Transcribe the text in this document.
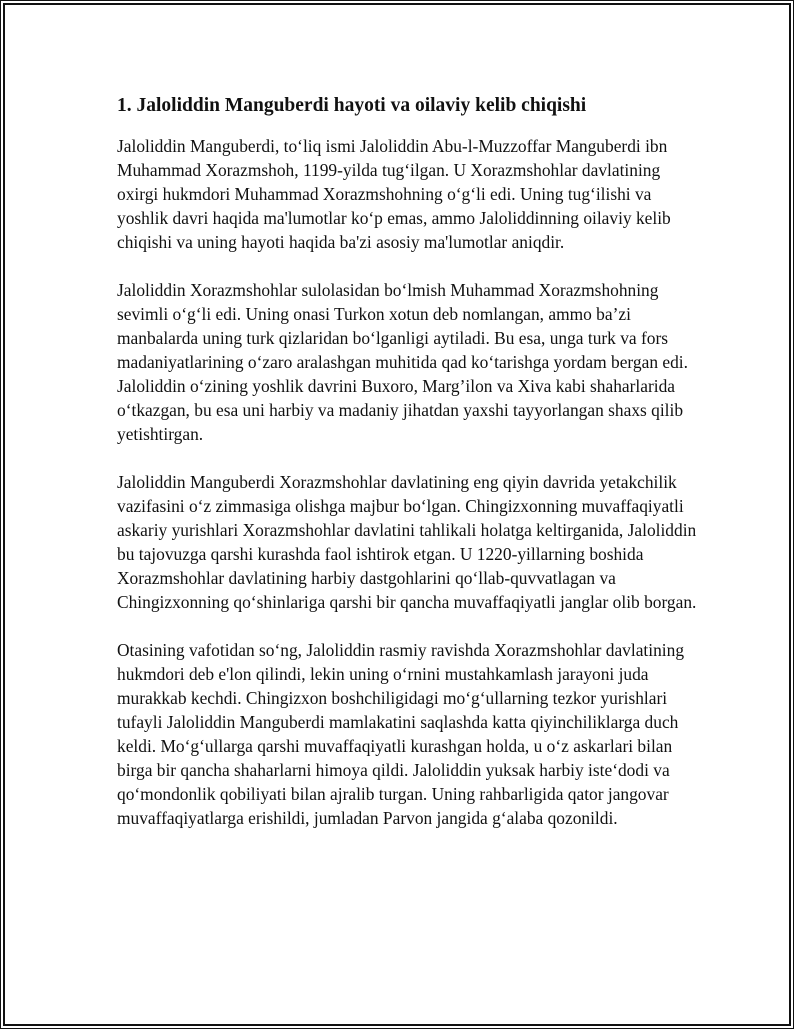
1. Jaloliddin Manguberdi hayoti va oilaviy kelib chiqishi

Jaloliddin Manguberdi, to‘liq ismi Jaloliddin Abu-l-Muzzoffar Manguberdi ibn Muhammad Xorazmshoh, 1199-yilda tug‘ilgan. U Xorazmshohlar davlatining oxirgi hukmdori Muhammad Xorazmshohning o‘g‘li edi. Uning tug‘ilishi va yoshlik davri haqida ma'lumotlar ko‘p emas, ammo Jaloliddinning oilaviy kelib chiqishi va uning hayoti haqida ba'zi asosiy ma'lumotlar aniqdir.

Jaloliddin Xorazmshohlar sulolasidan bo‘lmish Muhammad Xorazmshohning sevimli o‘g‘li edi. Uning onasi Turkon xotun deb nomlangan, ammo ba’zi manbalarda uning turk qizlaridan bo‘lganligi aytiladi. Bu esa, unga turk va fors madaniyatlarining o‘zaro aralashgan muhitida qad ko‘tarishga yordam bergan edi. Jaloliddin o‘zining yoshlik davrini Buxoro, Marg’ilon va Xiva kabi shaharlarida o‘tkazgan, bu esa uni harbiy va madaniy jihatdan yaxshi tayyorlangan shaxs qilib yetishtirgan.

Jaloliddin Manguberdi Xorazmshohlar davlatining eng qiyin davrida yetakchilik vazifasini o‘z zimmasiga olishga majbur bo‘lgan. Chingizxonning muvaffaqiyatli askariy yurishlari Xorazmshohlar davlatini tahlikali holatga keltirganida, Jaloliddin bu tajovuzga qarshi kurashda faol ishtirok etgan. U 1220-yillarning boshida Xorazmshohlar davlatining harbiy dastgohlarini qo‘llab-quvvatlagan va Chingizxonning qo‘shinlariga qarshi bir qancha muvaffaqiyatli janglar olib borgan.

Otasining vafotidan so‘ng, Jaloliddin rasmiy ravishda Xorazmshohlar davlatining hukmdori deb e'lon qilindi, lekin uning o‘rnini mustahkamlash jarayoni juda murakkab kechdi. Chingizxon boshchiligidagi mo‘g‘ullarning tezkor yurishlari tufayli Jaloliddin Manguberdi mamlakatini saqlashda katta qiyinchiliklarga duch keldi. Mo‘g‘ullarga qarshi muvaffaqiyatli kurashgan holda, u o‘z askarlari bilan birga bir qancha shaharlarni himoya qildi. Jaloliddin yuksak harbiy iste‘dodi va qo‘mondonlik qobiliyati bilan ajralib turgan. Uning rahbarligida qator jangovar muvaffaqiyatlarga erishildi, jumladan Parvon jangida g‘alaba qozonildi.
